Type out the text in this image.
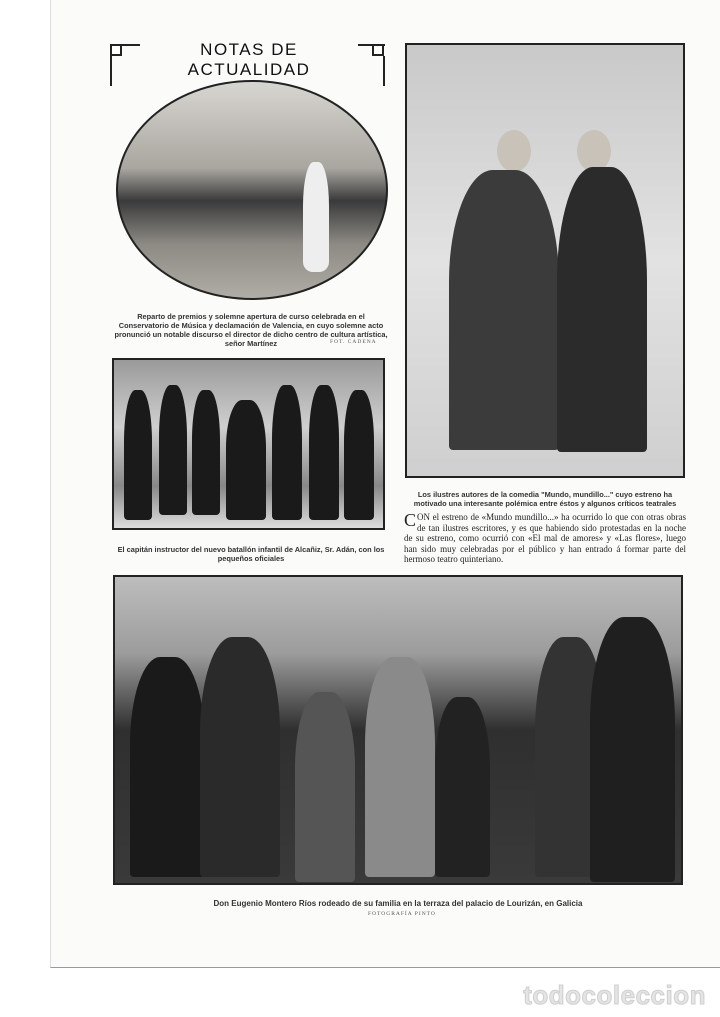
NOTAS DE ACTUALIDAD
Reparto de premios y solemne apertura de curso celebrada en el Conservatorio de Música y declamación de Valencia, en cuyo solemne acto pronunció un notable discurso el director de dicho centro de cultura artística, señor Martínez	FOT. CADENA
El capitán instructor del nuevo batallón infantil de Alcañiz, Sr. Adán, con los pequeños oficiales
Los ilustres autores de la comedia "Mundo, mundillo..." cuyo estreno ha motivado una interesante polémica entre éstos y algunos críticos teatrales
CON el estreno de «Mundo mundillo...» ha ocurrido lo que con otras obras de tan ilustres escritores, y es que habiendo sido protestadas en la noche de su estreno, como ocurrió con «El mal de amores» y «Las flores», luego han sido muy celebradas por el público y han entrado á formar parte del hermoso teatro quinteriano.
Don Eugenio Montero Ríos rodeado de su familia en la terraza del palacio de Lourizán, en Galicia
FOTOGRAFÍA PINTO
todocoleccion
